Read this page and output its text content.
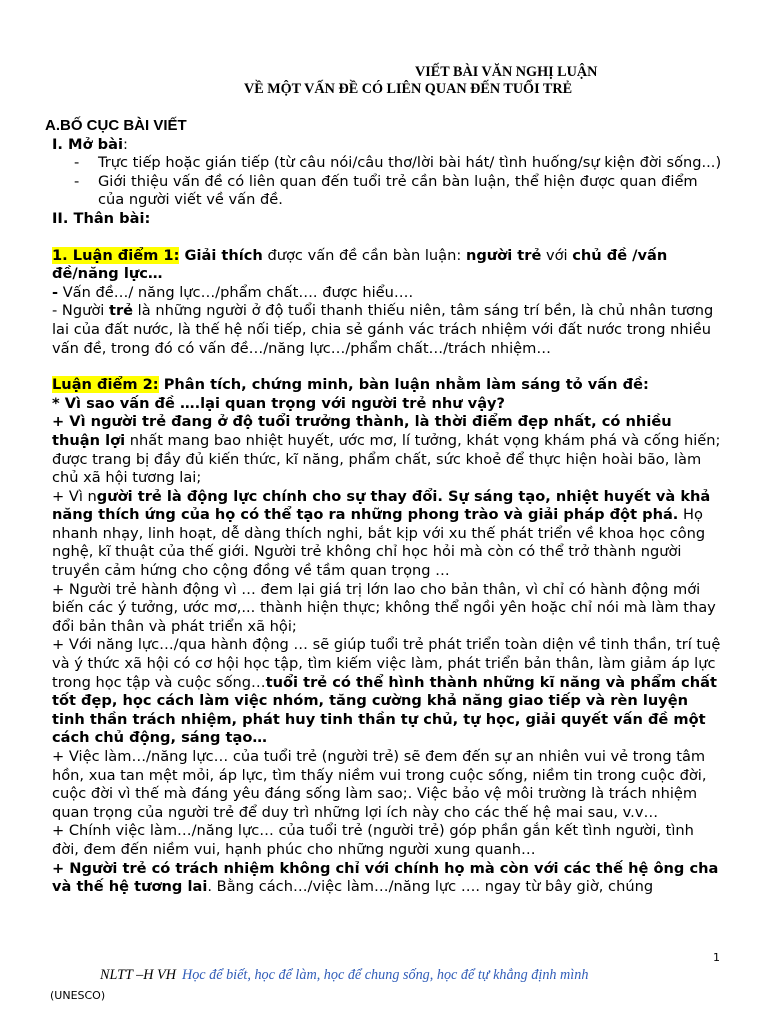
VIẾT BÀI VĂN NGHỊ LUẬN
VỀ MỘT VẤN ĐỀ CÓ LIÊN QUAN ĐẾN TUỔI TRẺ

A.BỐ CỤC BÀI VIẾT

I. Mở bài:

- Trực tiếp hoặc gián tiếp (từ câu nói/câu thơ/lời bài hát/ tình huống/sự kiện đời sống...)

- Giới thiệu vấn đề có liên quan đến tuổi trẻ cần bàn luận, thể hiện được quan điểm của người viết về vấn đề.

II. Thân bài:

1. Luận điểm 1: Giải thích được vấn đề cần bàn luận: người trẻ với chủ đề /vấn đề/năng lực…

- Vấn đề…/ năng lực…/phẩm chất…. được hiểu….

- Người trẻ là những người ở độ tuổi thanh thiếu niên, tâm sáng trí bền, là chủ nhân tương lai của đất nước, là thế hệ nối tiếp, chia sẻ gánh vác trách nhiệm với đất nước trong nhiều vấn đề, trong đó có vấn đề…/năng lực…/phẩm chất…/trách nhiệm…

Luận điểm 2: Phân tích, chứng minh, bàn luận nhằm làm sáng tỏ vấn đề:

* Vì sao vấn đề ….lại quan trọng với người trẻ như vậy?

+ Vì người trẻ đang ở độ tuổi trưởng thành, là thời điểm đẹp nhất, có nhiều thuận lợi nhất mang bao nhiệt huyết, ước mơ, lí tưởng, khát vọng khám phá và cống hiến; được trang bị đầy đủ kiến thức, kĩ năng, phẩm chất, sức khoẻ để thực hiện hoài bão, làm chủ xã hội tương lai;

+ Vì người trẻ là động lực chính cho sự thay đổi. Sự sáng tạo, nhiệt huyết và khả năng thích ứng của họ có thể tạo ra những phong trào và giải pháp đột phá. Họ nhanh nhạy, linh hoạt, dễ dàng thích nghi, bắt kịp với xu thế phát triển về khoa học công nghệ, kĩ thuật của thế giới. Người trẻ không chỉ học hỏi mà còn có thể trở thành người truyền cảm hứng cho cộng đồng về tầm quan trọng …

+ Người trẻ hành động vì … đem lại giá trị lớn lao cho bản thân, vì chỉ có hành động mới biến các ý tưởng, ước mơ,... thành hiện thực; không thể ngồi yên hoặc chỉ nói mà làm thay đổi bản thân và phát triển xã hội;

+ Với năng lực…/qua hành động … sẽ giúp tuổi trẻ phát triển toàn diện về tinh thần, trí tuệ và ý thức xã hội có cơ hội học tập, tìm kiếm việc làm, phát triển bản thân, làm giảm áp lực trong học tập và cuộc sống…tuổi trẻ có thể hình thành những kĩ năng và phẩm chất tốt đẹp, học cách làm việc nhóm, tăng cường khả năng giao tiếp và rèn luyện tinh thần trách nhiệm, phát huy tinh thần tự chủ, tự học, giải quyết vấn đề một cách chủ động, sáng tạo…

+ Việc làm…/năng lực… của tuổi trẻ (người trẻ) sẽ đem đến sự an nhiên vui vẻ trong tâm hồn, xua tan mệt mỏi, áp lực, tìm thấy niềm vui trong cuộc sống, niềm tin trong cuộc đời, cuộc đời vì thế mà đáng yêu đáng sống làm sao;. Việc bảo vệ môi trường là trách nhiệm quan trọng của người trẻ để duy trì những lợi ích này cho các thế hệ mai sau, v.v…

+ Chính việc làm…/năng lực… của tuổi trẻ (người trẻ) góp phần gắn kết tình người, tình đời, đem đến niềm vui, hạnh phúc cho những người xung quanh…

+ Người trẻ có trách nhiệm không chỉ với chính họ mà còn với các thế hệ ông cha và thế hệ tương lai. Bằng cách…/việc làm…/năng lực …. ngay từ bây giờ, chúng

1
NLTT –H VH Học để biết, học để làm, học để chung sống, học để tự khẳng định mình
(UNESCO)
